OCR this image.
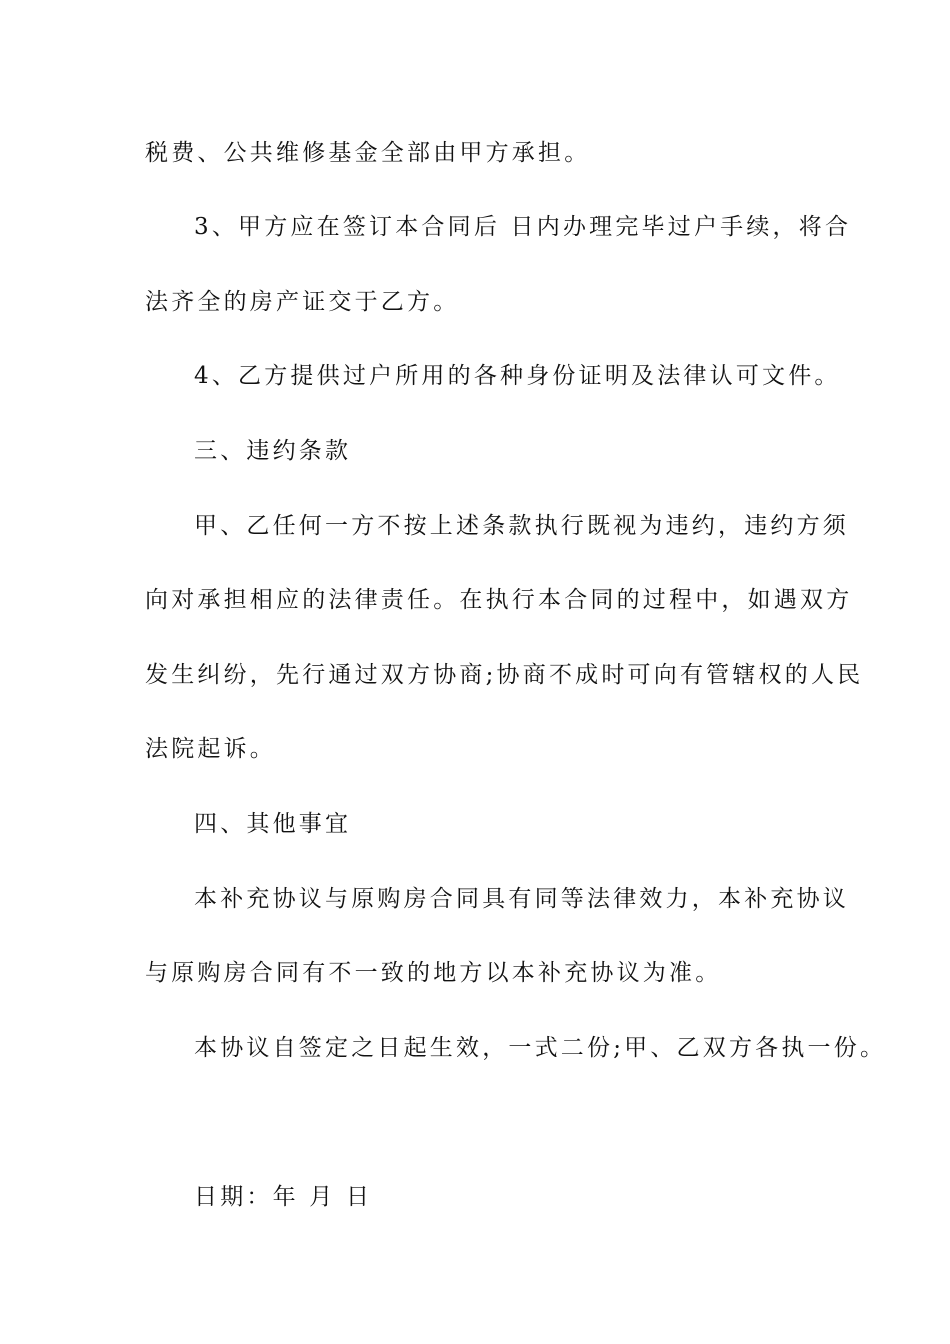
税费、公共维修基金全部由甲方承担。
3、甲方应在签订本合同后 日内办理完毕过户手续，将合
法齐全的房产证交于乙方。
4、乙方提供过户所用的各种身份证明及法律认可文件。
三、违约条款
甲、乙任何一方不按上述条款执行既视为违约，违约方须
向对承担相应的法律责任。在执行本合同的过程中，如遇双方
发生纠纷，先行通过双方协商;协商不成时可向有管辖权的人民
法院起诉。
四、其他事宜
本补充协议与原购房合同具有同等法律效力，本补充协议
与原购房合同有不一致的地方以本补充协议为准。
本协议自签定之日起生效，一式二份;甲、乙双方各执一份。
日期：年 月 日
